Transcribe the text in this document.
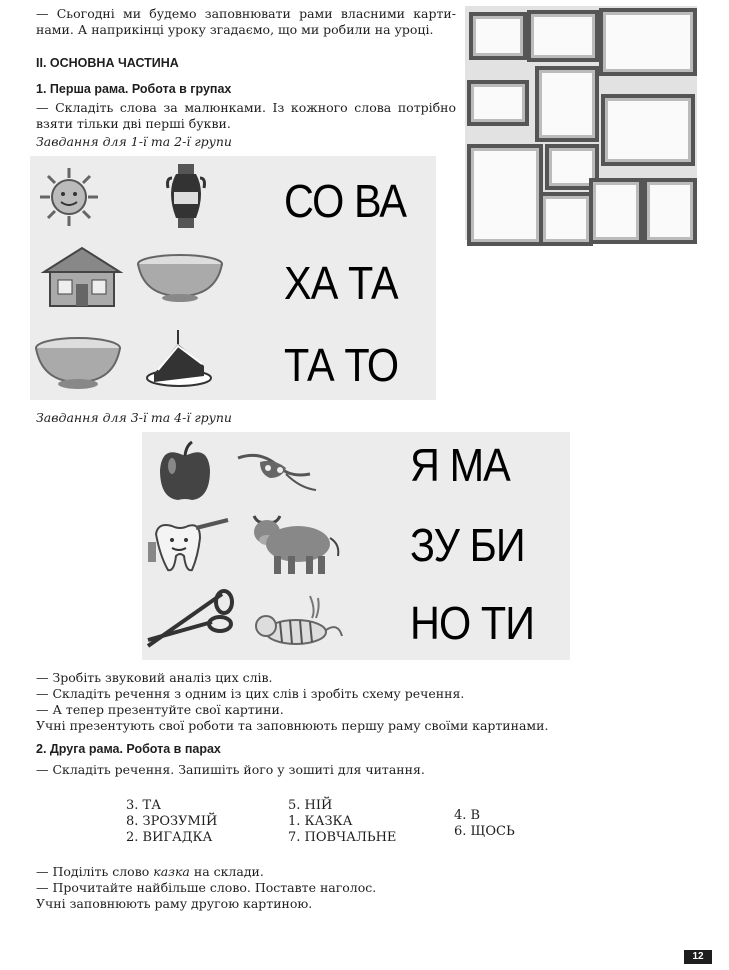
— Сьогодні ми будемо заповнювати рами власними карти-
нами. А наприкінці уроку згадаємо, що ми робили на уроці.
II. ОСНОВНА ЧАСТИНА
1. Перша рама. Робота в групах
— Складіть слова за малюнками. Із кожного слова потрібно
взяти тільки дві перші букви.
Завдання для 1-ї та 2-ї групи
СО ВА
ХА ТА
ТА ТО
Завдання для 3-ї та 4-ї групи
Я МА
ЗУ БИ
НО ТИ
— Зробіть звуковий аналіз цих слів.
— Складіть речення з одним із цих слів і зробіть схему речення.
— А тепер презентуйте свої картини.
Учні презентують свої роботи та заповнюють першу раму своїми картинами.
2. Друга рама. Робота в парах
— Складіть речення. Запишіть його у зошиті для читання.
3. ТА
8. ЗРОЗУМІЙ
2. ВИГАДКА
5. НІЙ
1. КАЗКА
7. ПОВЧАЛЬНЕ
4. В
6. ЩОСЬ
— Поділіть слово казка на склади.
— Прочитайте найбільше слово. Поставте наголос.
Учні заповнюють раму другою картиною.
12
